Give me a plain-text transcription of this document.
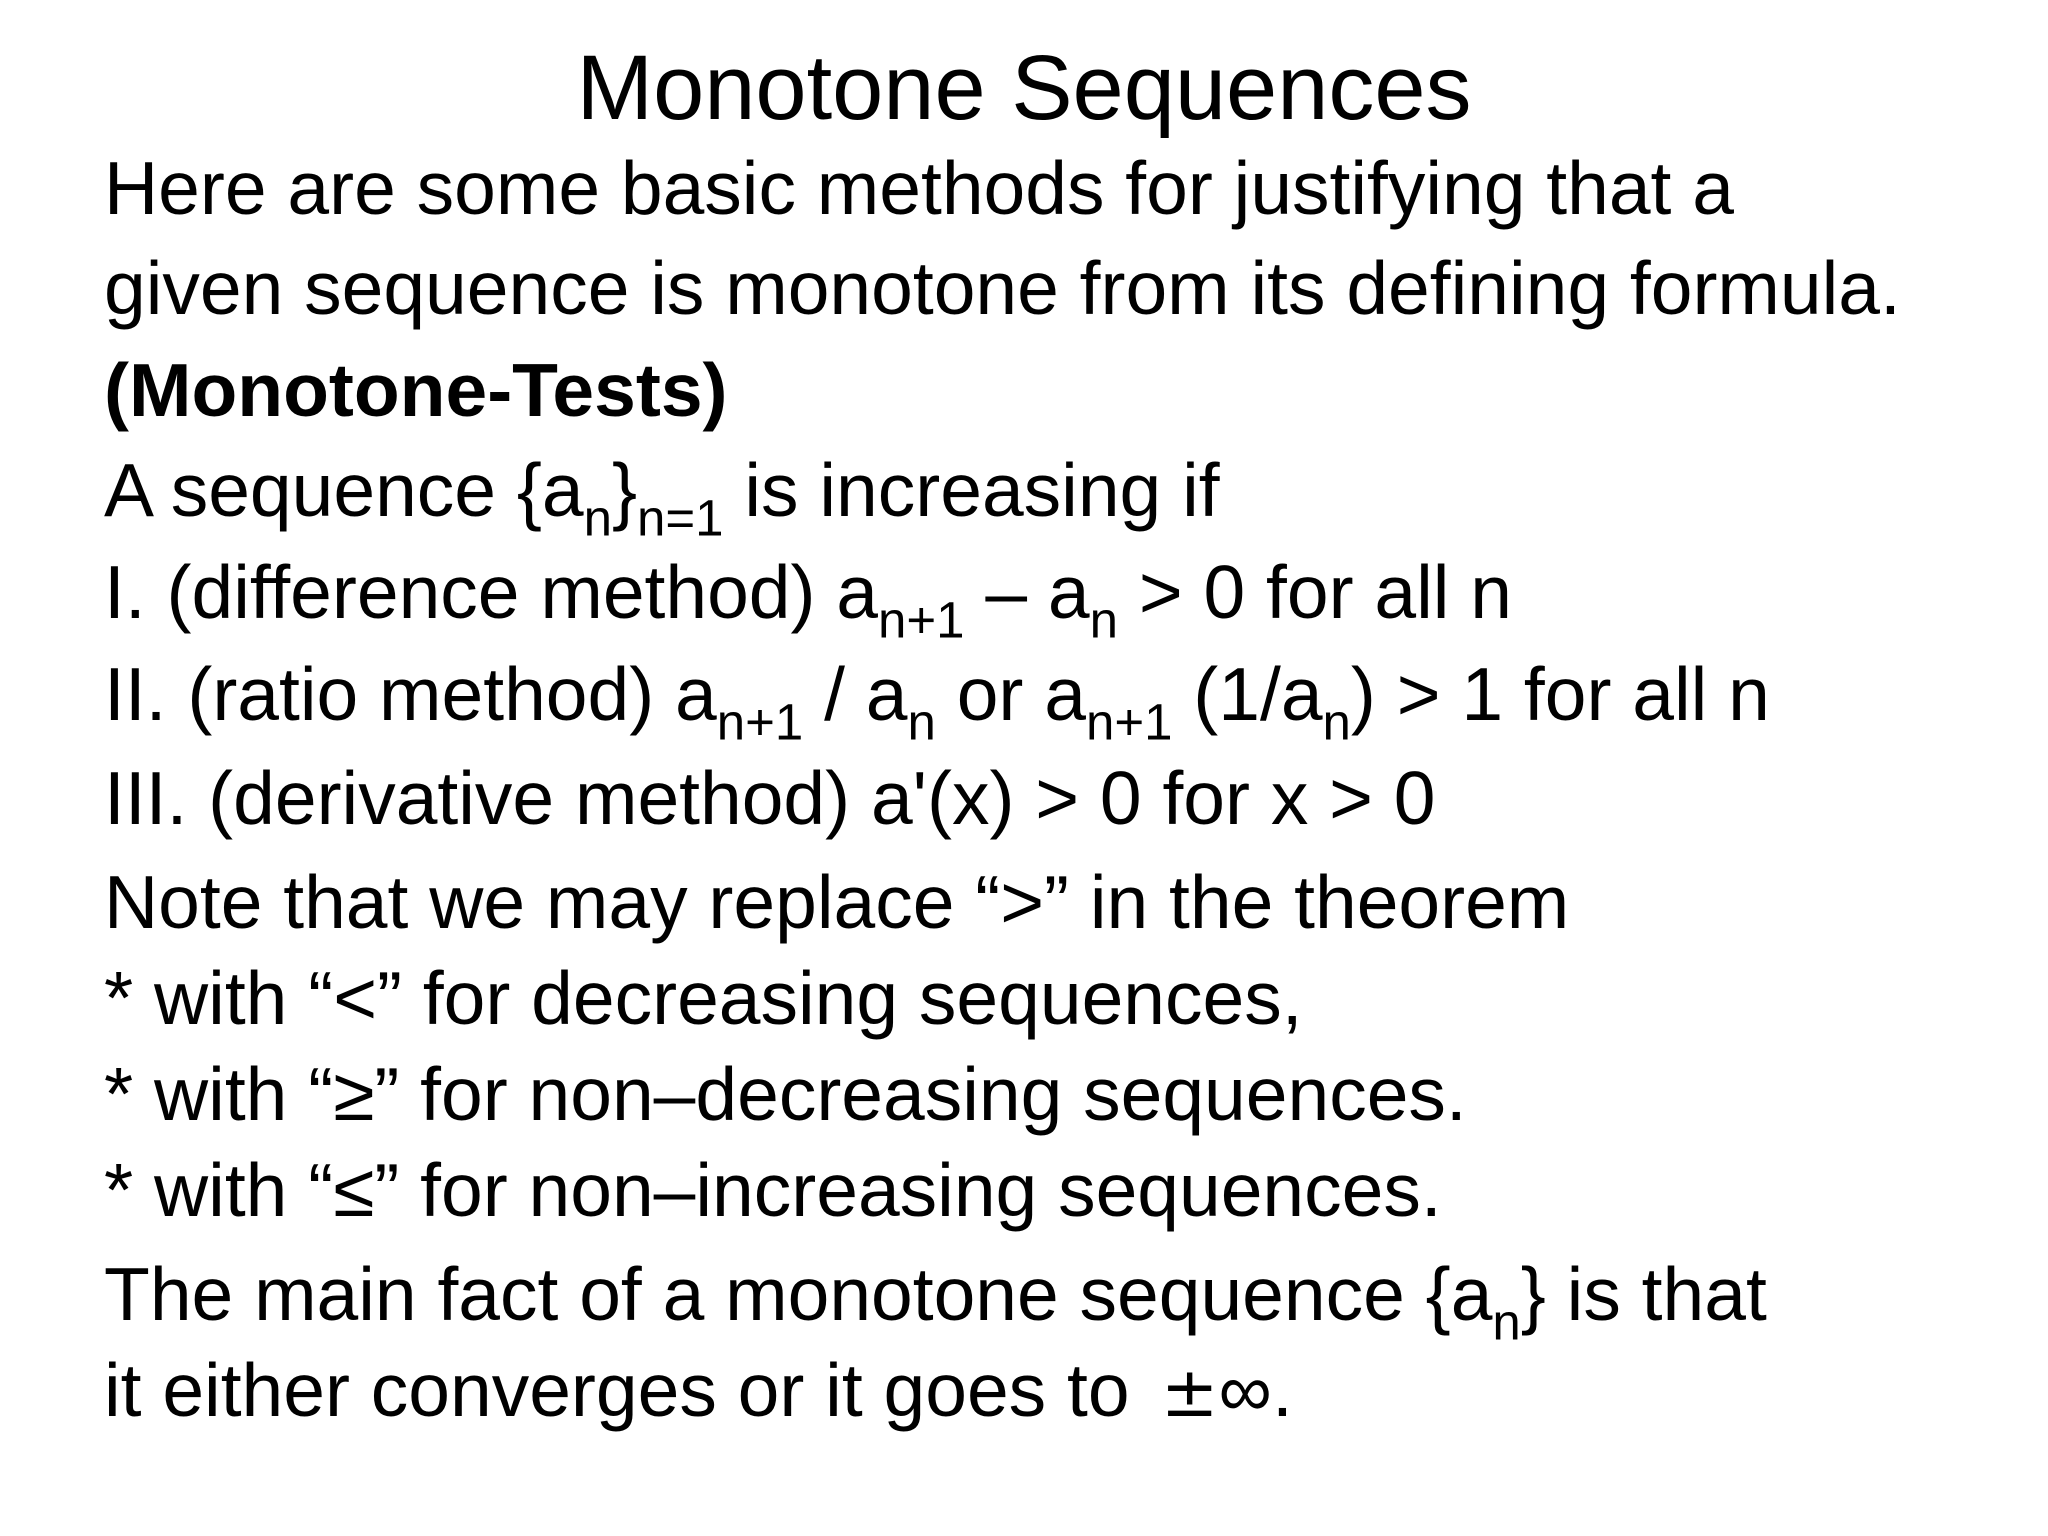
Monotone Sequences
Here are some basic methods for justifying that a
given sequence is monotone from its defining formula.
(Monotone-Tests)
A sequence $\{a_n\}_{n=1}$ is increasing if
I. (difference method) $a_{n+1} - a_n > 0$ for all n
II. (ratio method) $a_{n+1} / a_n$ or $a_{n+1}$ $(1/a_n) > 1$ for all n
III. (derivative method) a'(x) > 0 for x > 0
Note that we may replace “>” in the theorem
* with “<” for decreasing sequences,
* with “≥” for non–decreasing sequences.
* with “≤” for non–increasing sequences.
The main fact of a monotone sequence $\{a_n\}$ is that
it either converges or it goes to ±∞.
